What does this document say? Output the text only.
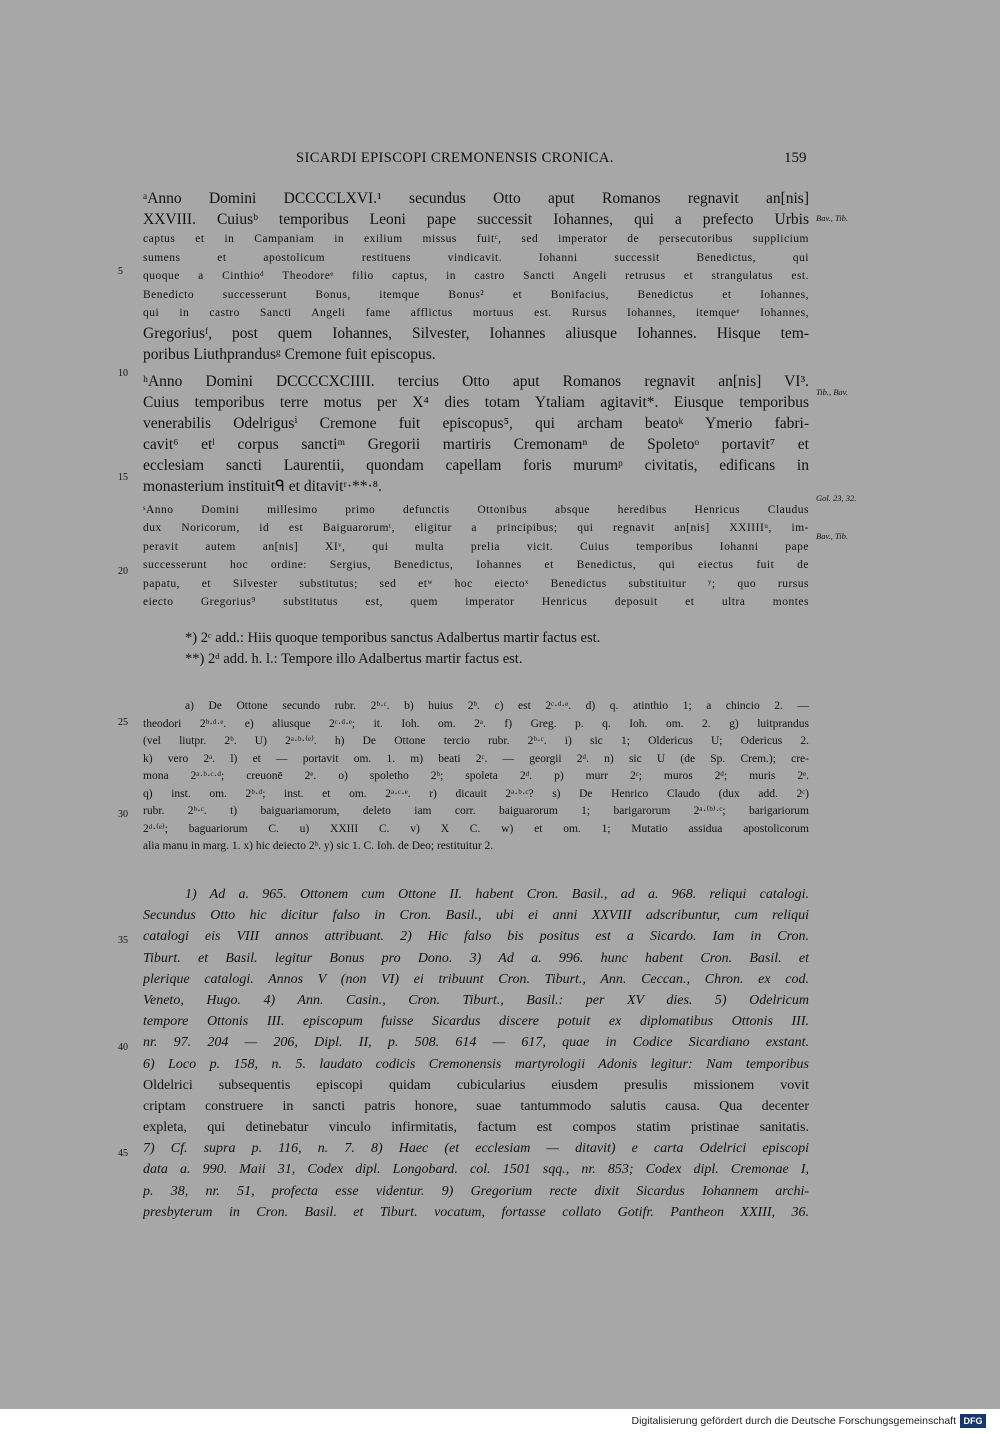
SICARDI EPISCOPI CREMONENSIS CRONICA.	159
ᵃAnno Domini DCCCCLXVI.¹ secundus Otto aput Romanos regnavit an[nis]
XXVIII. Cuiusᵇ temporibus Leoni pape successit Iohannes, qui a prefecto Urbis
captus et in Campaniam in exilium missus fuitᶜ, sed imperator de persecutoribus supplicium
sumens et apostolicum restituens vindicavit. Iohanni successit Benedictus, qui
quoque a Cinthioᵈ Theodoreᵉ filio captus, in castro Sancti Angeli retrusus et strangulatus est.
Benedicto successerunt Bonus, itemque Bonus² et Bonifacius, Benedictus et Iohannes,
qui in castro Sancti Angeli fame afflictus mortuus est. Rursus Iohannes, itemqueᵉ Iohannes,
Gregoriusᶠ, post quem Iohannes, Silvester, Iohannes aliusque Iohannes. Hisque tem-
poribus Liuthprandusᵍ Cremone fuit episcopus.
ʰAnno Domini DCCCCXCIIII. tercius Otto aput Romanos regnavit an[nis] VI³.
Cuius temporibus terre motus per X⁴ dies totam Ytaliam agitavit*. Eiusque temporibus
venerabilis Odelrigusⁱ Cremone fuit episcopus⁵, qui archam beatoᵏ Ymerio fabri-
cavit⁶ etˡ corpus sanctiᵐ Gregorii martiris Cremonamⁿ de Spoletoᵒ portavit⁷ et
ecclesiam sancti Laurentii, quondam capellam foris murumᵖ civitatis, edificans in
monasterium instituitᑫ et ditavitʳ·**·⁸.
ˢAnno Domini millesimo primo defunctis Ottonibus absque heredibus Henricus Claudus
dux Noricorum, id est Baiguarorumᵗ, eligitur a principibus; qui regnavit an[nis] XXIIIIᵘ, im-
peravit autem an[nis] XIᵛ, qui multa prelia vicit. Cuius temporibus Iohanni pape
successerunt hoc ordine: Sergius, Benedictus, Iohannes et Benedictus, qui eiectus fuit de
papatu, et Silvester substitutus; sed etʷ hoc eiectoˣ Benedictus substituitur ʸ; quo rursus
eiecto Gregorius⁹ substitutus est, quem imperator Henricus deposuit et ultra montes
*) 2ᶜ add.: Hiis quoque temporibus sanctus Adalbertus martir factus est.
**) 2ᵈ add. h. l.: Tempore illo Adalbertus martir factus est.
a) De Ottone secundo rubr. 2ᵇ·ᶜ. b) huius 2ᵇ. c) est 2ᶜ·ᵈ·ᵉ. d) q. atinthio 1; a chincio 2. —
theodori 2ᵇ·ᵈ·ᵉ. e) aliusque 2ᶜ·ᵈ·ᵉ; it. Ioh. om. 2ᵃ. f) Greg. p. q. Ioh. om. 2. g) luitprandus
(vel liutpr. 2ᵇ. U) 2ᵃ·ᵇ·⁽ᵉ⁾. h) De Ottone tercio rubr. 2ᵇ·ᶜ. i) sic 1; Oldericus U; Odericus 2.
k) vero 2ᵃ. l) et — portavit om. 1. m) beati 2ᶜ. — georgii 2ᵈ. n) sic U (de Sp. Crem.); cre-
mona 2ᵃ·ᵇ·ᶜ·ᵈ; creuonē 2ᵉ. o) spoletho 2ᵇ; spoleta 2ᵈ. p) murr 2ᶜ; muros 2ᵈ; muris 2ᵉ.
q) inst. om. 2ᵇ·ᵈ; inst. et om. 2ᵃ·ᶜ·ᵉ. r) dicauit 2ᵃ·ᵇ·ᶜ? s) De Henrico Claudo (dux add. 2ᶜ)
rubr. 2ᵇ·ᶜ. t) baiguariamorum, deleto iam corr. baiguarorum 1; barigarorum 2ᵃ·⁽ᵇ⁾·ᶜ; barigariorum
2ᵈ·⁽ᵉ⁾; baguariorum C. u) XXIII C. v) X C. w) et om. 1; Mutatio assidua apostolicorum
alia manu in marg. 1. x) hic deiecto 2ᵇ. y) sic 1. C. Ioh. de Deo; restituitur 2.
1) Ad a. 965. Ottonem cum Ottone II. habent Cron. Basil., ad a. 968. reliqui catalogi.
Secundus Otto hic dicitur falso in Cron. Basil., ubi ei anni XXVIII adscribuntur, cum reliqui
catalogi eis VIII annos attribuant. 2) Hic falso bis positus est a Sicardo. Iam in Cron.
Tiburt. et Basil. legitur Bonus pro Dono. 3) Ad a. 996. hunc habent Cron. Basil. et
plerique catalogi. Annos V (non VI) ei tribuunt Cron. Tiburt., Ann. Ceccan., Chron. ex cod.
Veneto, Hugo. 4) Ann. Casin., Cron. Tiburt., Basil.: per XV dies. 5) Odelricum
tempore Ottonis III. episcopum fuisse Sicardus discere potuit ex diplomatibus Ottonis III.
nr. 97. 204 — 206, Dipl. II, p. 508. 614 — 617, quae in Codice Sicardiano exstant.
6) Loco p. 158, n. 5. laudato codicis Cremonensis martyrologii Adonis legitur: Nam temporibus
Oldelrici subsequentis episcopi quidam cubicularius eiusdem presulis missionem vovit
criptam construere in sancti patris honore, suae tantummodo salutis causa. Qua decenter
expleta, qui detinebatur vinculo infirmitatis, factum est compos statim pristinae sanitatis.
7) Cf. supra p. 116, n. 7. 8) Haec (et ecclesiam — ditavit) e carta Odelrici episcopi
data a. 990. Maii 31, Codex dipl. Longobard. col. 1501 sqq., nr. 853; Codex dipl. Cremonae I,
p. 38, nr. 51, profecta esse videntur. 9) Gregorium recte dixit Sicardus Iohannem archi-
presbyterum in Cron. Basil. et Tiburt. vocatum, fortasse collato Gotifr. Pantheon XXIII, 36.
5
10
15
20
25
30
35
40
45
Bav., Tib.
Tib., Bav.
Gol. 23, 32.
Bav., Tib.
Digitalisierung gefördert durch die Deutsche Forschungsgemeinschaft DFG
